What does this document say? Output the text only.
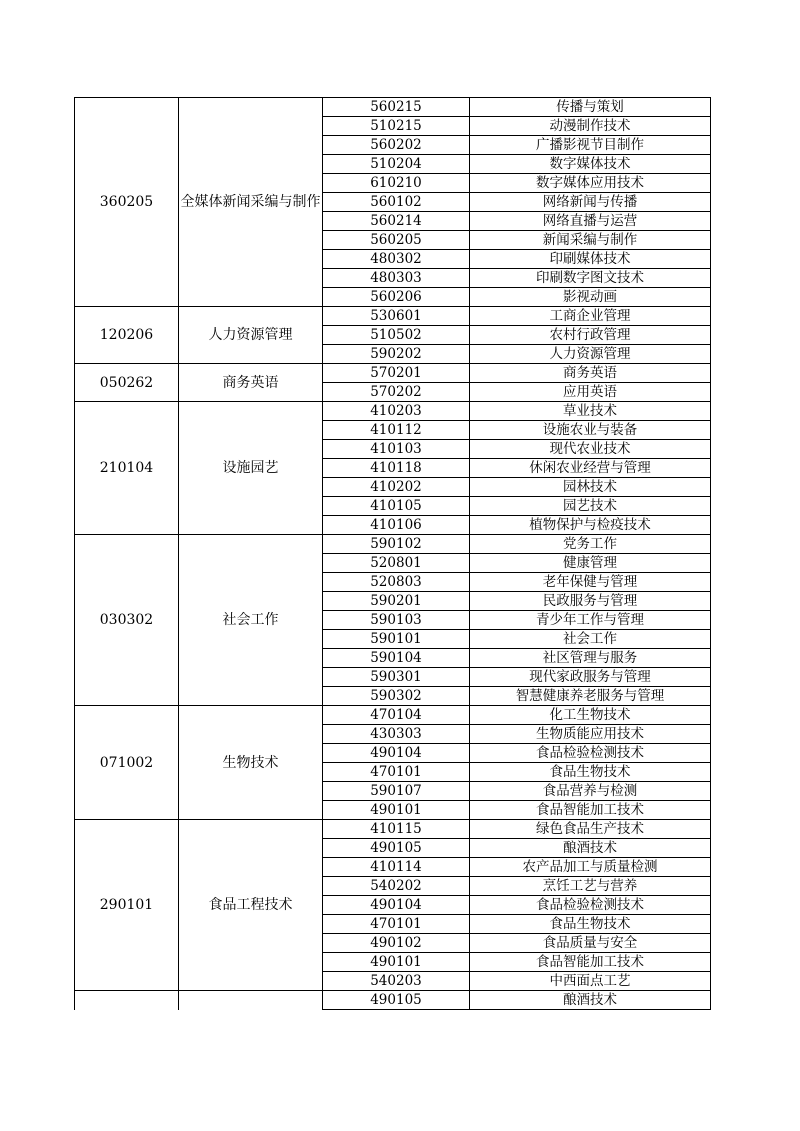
360205	全媒体新闻采编与制作	560215	传播与策划
		510215	动漫制作技术
		560202	广播影视节目制作
		510204	数字媒体技术
		610210	数字媒体应用技术
		560102	网络新闻与传播
		560214	网络直播与运营
		560205	新闻采编与制作
		480302	印刷媒体技术
		480303	印刷数字图文技术
		560206	影视动画
120206	人力资源管理	530601	工商企业管理
		510502	农村行政管理
		590202	人力资源管理
050262	商务英语	570201	商务英语
		570202	应用英语
210104	设施园艺	410203	草业技术
		410112	设施农业与装备
		410103	现代农业技术
		410118	休闲农业经营与管理
		410202	园林技术
		410105	园艺技术
		410106	植物保护与检疫技术
030302	社会工作	590102	党务工作
		520801	健康管理
		520803	老年保健与管理
		590201	民政服务与管理
		590103	青少年工作与管理
		590101	社会工作
		590104	社区管理与服务
		590301	现代家政服务与管理
		590302	智慧健康养老服务与管理
071002	生物技术	470104	化工生物技术
		430303	生物质能应用技术
		490104	食品检验检测技术
		470101	食品生物技术
		590107	食品营养与检测
		490101	食品智能加工技术
290101	食品工程技术	410115	绿色食品生产技术
		490105	酿酒技术
		410114	农产品加工与质量检测
		540202	烹饪工艺与营养
		490104	食品检验检测技术
		470101	食品生物技术
		490102	食品质量与安全
		490101	食品智能加工技术
		540203	中西面点工艺
		490105	酿酒技术
